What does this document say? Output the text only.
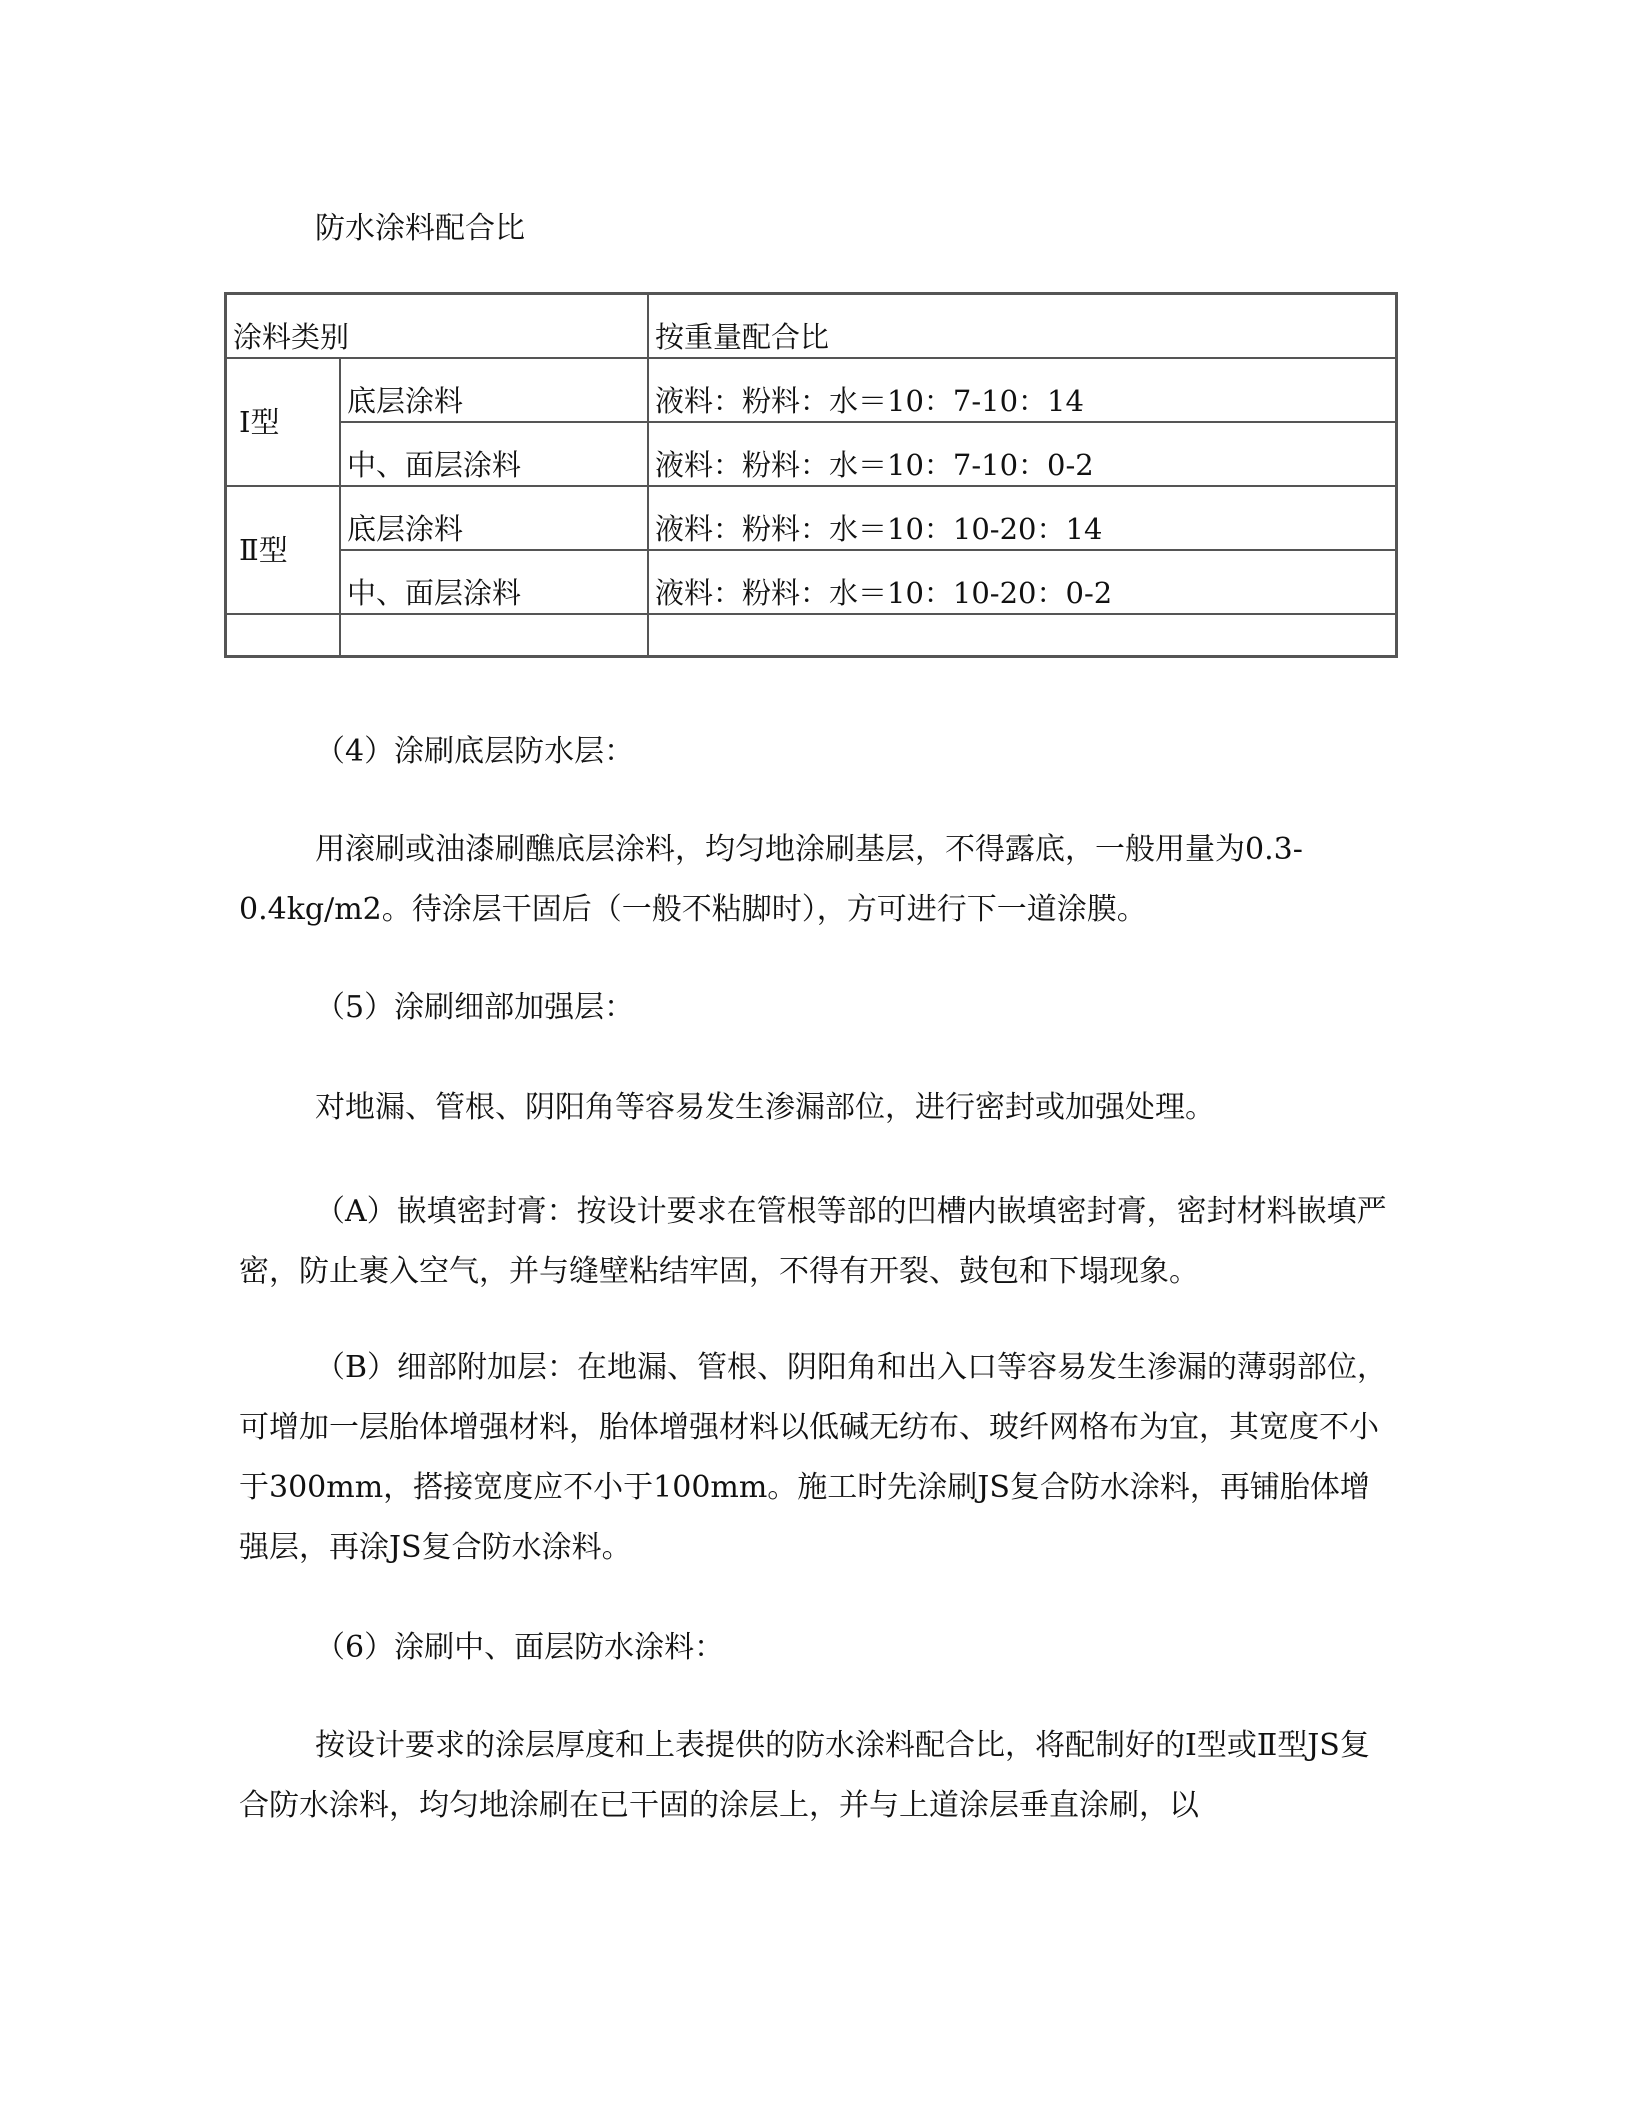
防水涂料配合比
涂料类别		按重量配合比
Ⅰ型	底层涂料	液料：粉料：水＝10：7-10：14
	中、面层涂料	液料：粉料：水＝10：7-10：0-2
Ⅱ型	底层涂料	液料：粉料：水＝10：10-20：14
	中、面层涂料	液料：粉料：水＝10：10-20：0-2

（4）涂刷底层防水层：

用滚刷或油漆刷醮底层涂料，均匀地涂刷基层，不得露底，一般用量为0.3-0.4kg/m2。待涂层干固后（一般不粘脚时），方可进行下一道涂膜。

（5）涂刷细部加强层：

对地漏、管根、阴阳角等容易发生渗漏部位，进行密封或加强处理。

（A）嵌填密封膏：按设计要求在管根等部的凹槽内嵌填密封膏，密封材料嵌填严密，防止裹入空气，并与缝壁粘结牢固，不得有开裂、鼓包和下塌现象。

（B）细部附加层：在地漏、管根、阴阳角和出入口等容易发生渗漏的薄弱部位，可增加一层胎体增强材料，胎体增强材料以低碱无纺布、玻纤网格布为宜，其宽度不小于300mm，搭接宽度应不小于100mm。施工时先涂刷JS复合防水涂料，再铺胎体增强层，再涂JS复合防水涂料。

（6）涂刷中、面层防水涂料：

按设计要求的涂层厚度和上表提供的防水涂料配合比，将配制好的Ⅰ型或Ⅱ型JS复合防水涂料，均匀地涂刷在已干固的涂层上，并与上道涂层垂直涂刷，以
